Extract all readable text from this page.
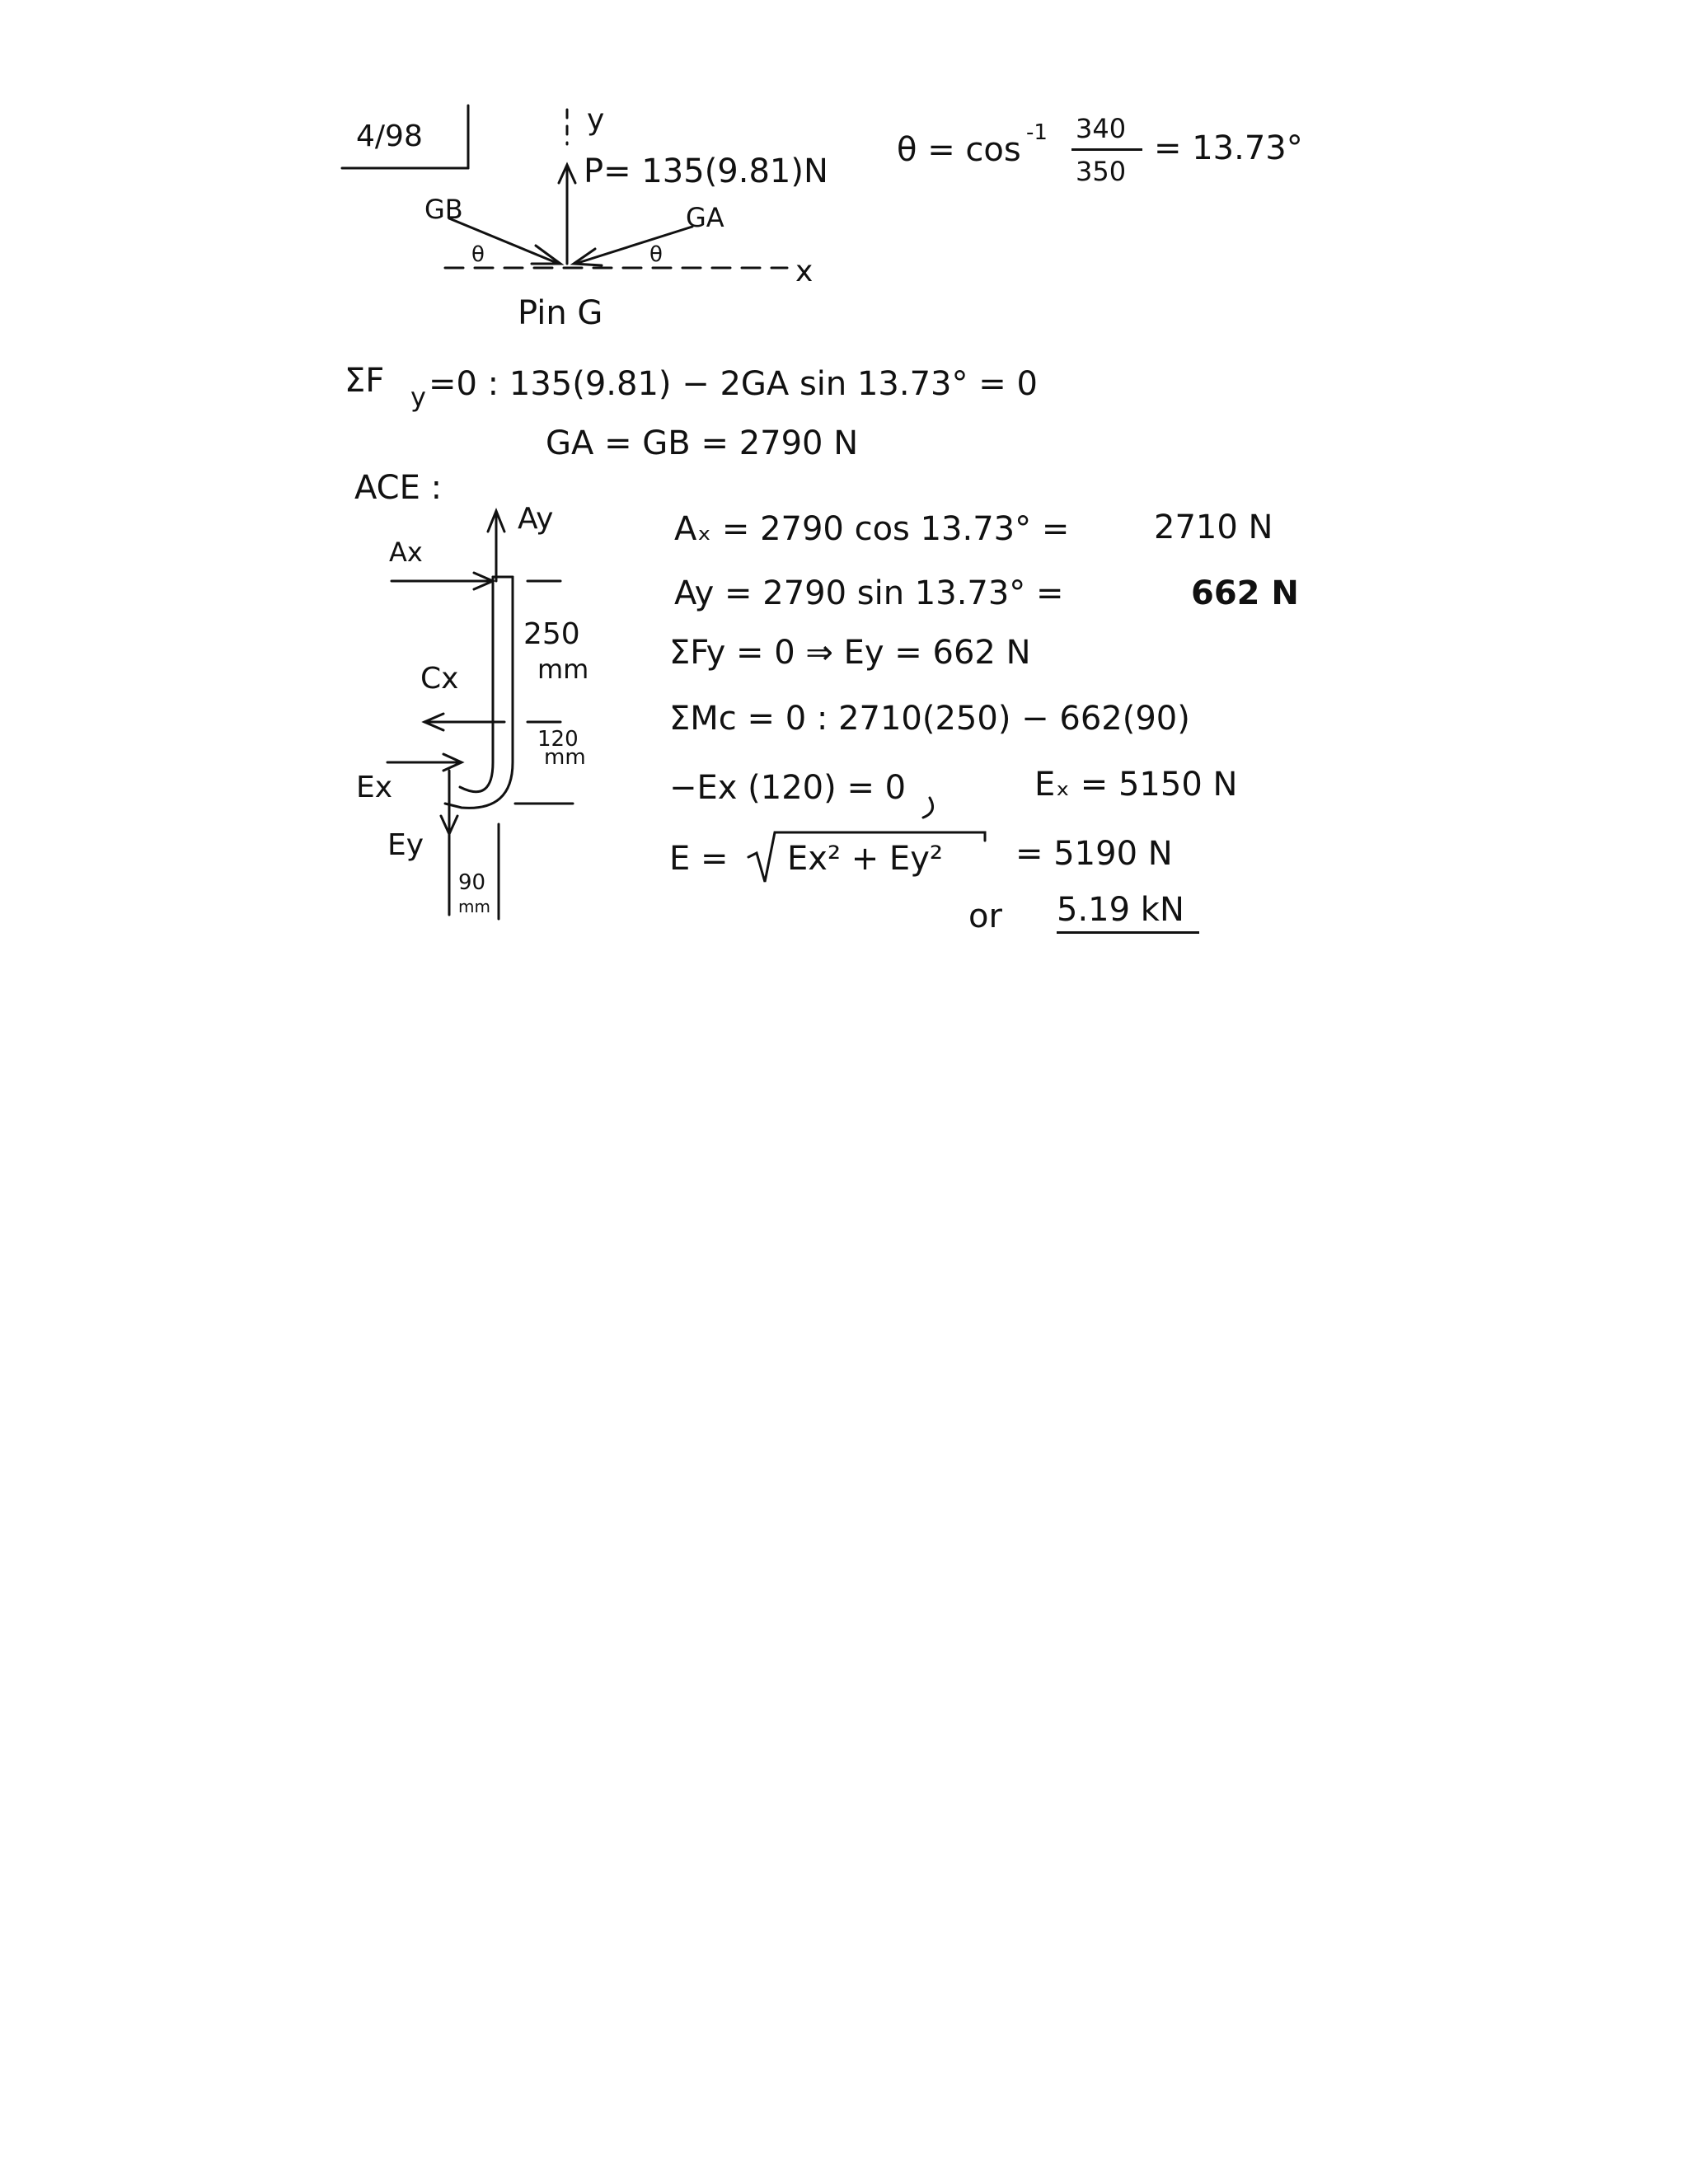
4/98	θ = cos -1 340
350
= 13.73°
y
P= 135(9.81)N
GB	GA
θ	θ	x
Pin G
ΣF y =0 : 135(9.81) − 2GA sin 13.73° = 0
GA = GB = 2790 N
ACE :
Ay
Ax
Cx
Ex
Ey
250
mm
120
mm
90
mm
Aₓ = 2790 cos 13.73° =	2710 N
Ay = 2790 sin 13.73° =	662 N
ΣFy = 0 ⇒ Ey = 662 N
ΣMc = 0 : 2710(250) − 662(90)
−Ex (120) = 0	Eₓ = 5150 N
E = Ex² + Ey² = 5190 N
or 5.19 kN
